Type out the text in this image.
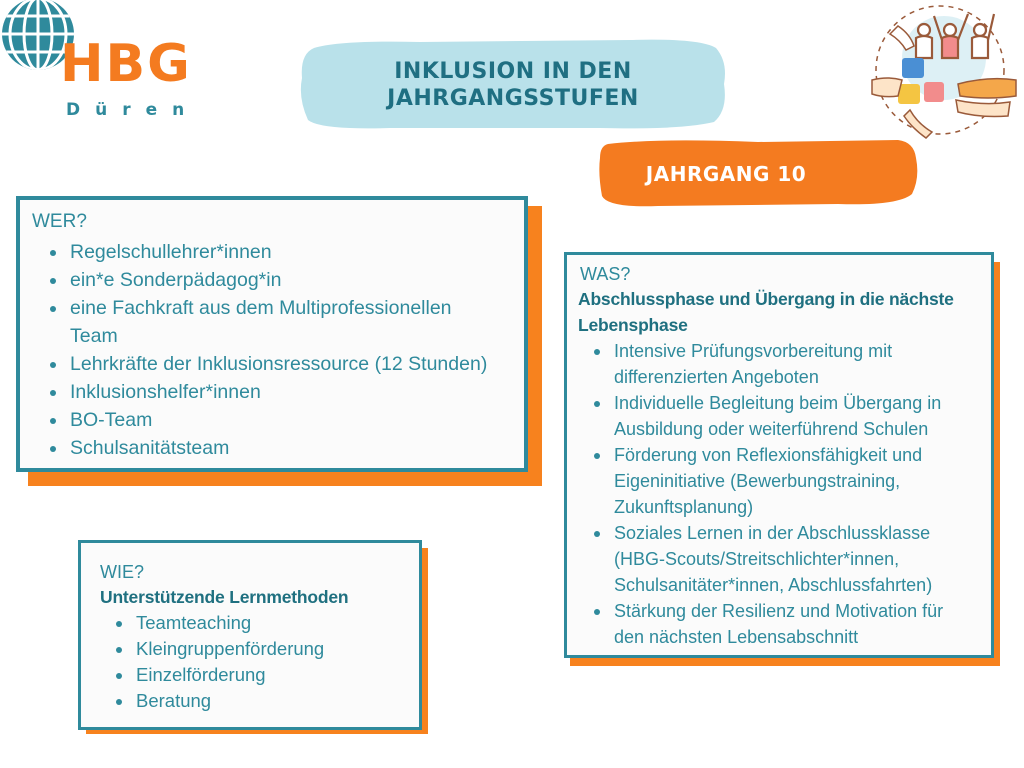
HBG
Düren
INKLUSION IN DEN
JAHRGANGSSTUFEN
JAHRGANG 10
WER?
Regelschullehrer*innen
ein*e Sonderpädagog*in
eine Fachkraft aus dem Multiprofessionellen
Team
Lehrkräfte der Inklusionsressource (12 Stunden)
Inklusionshelfer*innen
BO-Team
Schulsanitätsteam
WAS?
Abschlussphase und Übergang in die nächste
Lebensphase
Intensive Prüfungsvorbereitung mit
differenzierten Angeboten
Individuelle Begleitung beim Übergang in
Ausbildung oder weiterführend Schulen
Förderung von Reflexionsfähigkeit und
Eigeninitiative (Bewerbungstraining,
Zukunftsplanung)
Soziales Lernen in der Abschlussklasse
(HBG-Scouts/Streitschlichter*innen,
Schulsanitäter*innen, Abschlussfahrten)
Stärkung der Resilienz und Motivation für
den nächsten Lebensabschnitt
WIE?
Unterstützende Lernmethoden
Teamteaching
Kleingruppenförderung
Einzelförderung
Beratung
